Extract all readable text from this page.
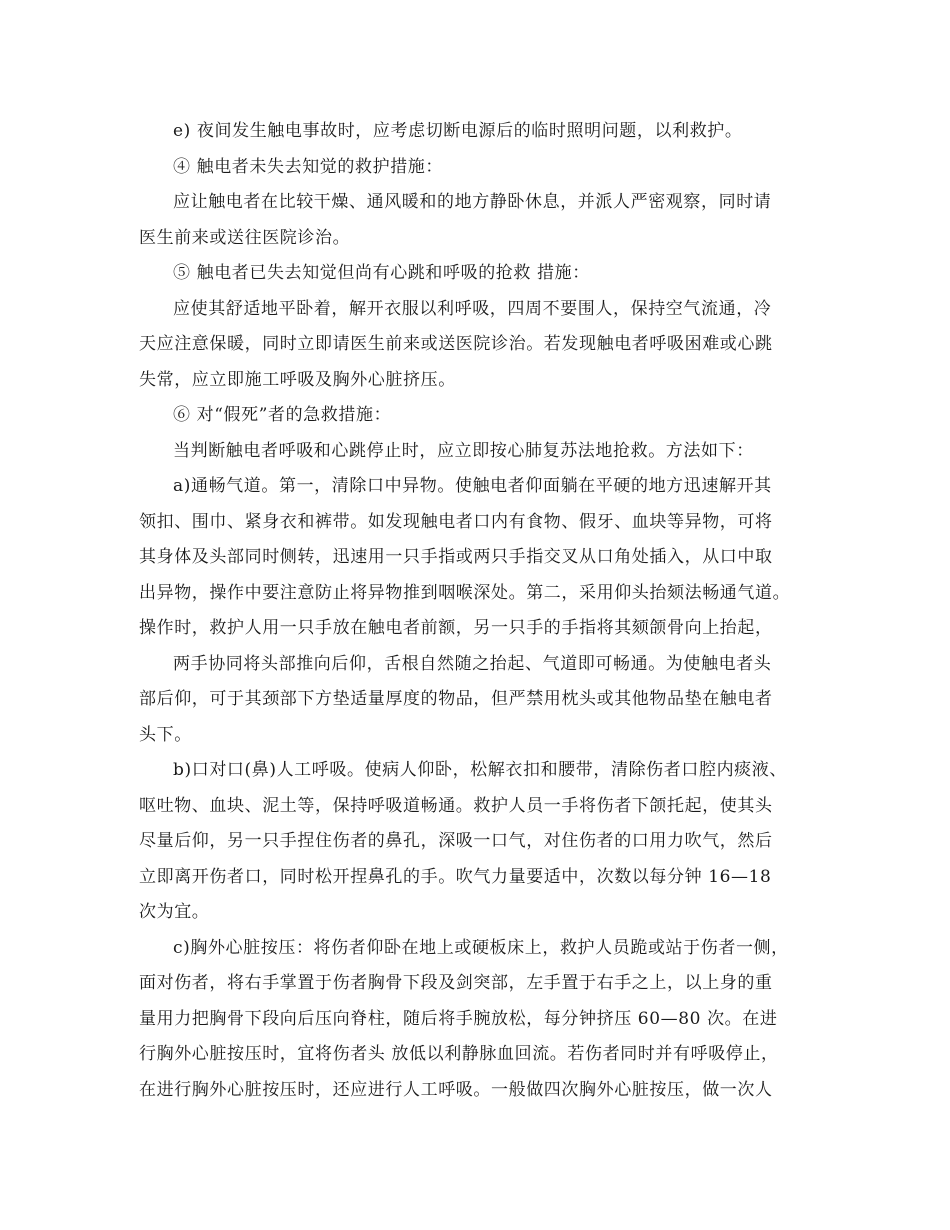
e) 夜间发生触电事故时，应考虑切断电源后的临时照明问题，以利救护。
④ 触电者未失去知觉的救护措施：
应让触电者在比较干燥、通风暖和的地方静卧休息，并派人严密观察，同时请
医生前来或送往医院诊治。
⑤ 触电者已失去知觉但尚有心跳和呼吸的抢救 措施：
应使其舒适地平卧着，解开衣服以利呼吸，四周不要围人，保持空气流通，冷
天应注意保暖，同时立即请医生前来或送医院诊治。若发现触电者呼吸困难或心跳
失常，应立即施工呼吸及胸外心脏挤压。
⑥ 对“假死”者的急救措施：
当判断触电者呼吸和心跳停止时，应立即按心肺复苏法地抢救。方法如下：
a)通畅气道。第一，清除口中异物。使触电者仰面躺在平硬的地方迅速解开其
领扣、围巾、紧身衣和裤带。如发现触电者口内有食物、假牙、血块等异物，可将
其身体及头部同时侧转，迅速用一只手指或两只手指交叉从口角处插入，从口中取
出异物，操作中要注意防止将异物推到咽喉深处。第二，采用仰头抬颏法畅通气道。
操作时，救护人用一只手放在触电者前额，另一只手的手指将其颏颌骨向上抬起，
两手协同将头部推向后仰，舌根自然随之抬起、气道即可畅通。为使触电者头
部后仰，可于其颈部下方垫适量厚度的物品，但严禁用枕头或其他物品垫在触电者
头下。
b)口对口(鼻)人工呼吸。使病人仰卧，松解衣扣和腰带，清除伤者口腔内痰液、
呕吐物、血块、泥土等，保持呼吸道畅通。救护人员一手将伤者下颌托起，使其头
尽量后仰，另一只手捏住伤者的鼻孔，深吸一口气，对住伤者的口用力吹气，然后
立即离开伤者口，同时松开捏鼻孔的手。吹气力量要适中，次数以每分钟 16—18
次为宜。
c)胸外心脏按压：将伤者仰卧在地上或硬板床上，救护人员跪或站于伤者一侧，
面对伤者，将右手掌置于伤者胸骨下段及剑突部，左手置于右手之上，以上身的重
量用力把胸骨下段向后压向脊柱，随后将手腕放松，每分钟挤压 60—80 次。在进
行胸外心脏按压时，宜将伤者头 放低以利静脉血回流。若伤者同时并有呼吸停止，
在进行胸外心脏按压时，还应进行人工呼吸。一般做四次胸外心脏按压，做一次人
